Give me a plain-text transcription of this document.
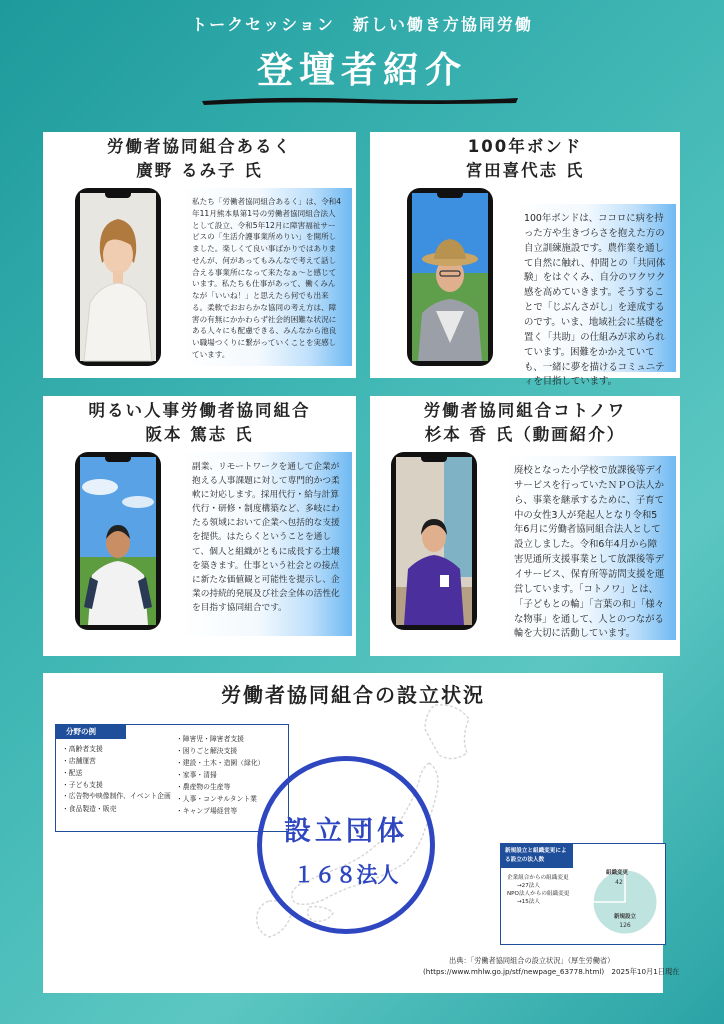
トークセッション　新しい働き方協同労働
登壇者紹介
労働者協同組合あるく
廣野 るみ子 氏
私たち「労働者協同組合あるく」は、令和4年11月熊本県第1号の労働者協同組合法人として設立、令和5年12月に障害福祉サービスの「生活介護事業所めりい」を開所しました。楽しくて良い事ばかりではありませんが、何があってもみんなで考えて話し合える事業所になって来たなぁ～と感じています。私たちも仕事があって、働くみんなが「いいね！」と思えたら何でも出来る。柔軟でおおらかな協同の考え方は、障害の有無にかかわらず社会的困難な状況にある人々にも配慮できる、みんなから池良い職場つくりに繋がっていくことを実感しています。
100年ボンド
宮田喜代志 氏
100年ボンドは、ココロに病を持った方や生きづらさを抱えた方の自立訓練施設です。農作業を通して自然に触れ、仲間との「共同体験」をはぐくみ、自分のワクワク感を高めていきます。そうすることで「じぶんさがし」を達成するのです。いま、地域社会に基礎を置く「共助」の仕組みが求められています。困難をかかえていても、一緒に夢を描けるコミュニティを目指しています。
明るい人事労働者協同組合
阪本 篤志 氏
副業、リモートワークを通して企業が抱える人事課題に対して専門的かつ柔軟に対応します。採用代行・給与計算代行・研修・制度構築など、多岐にわたる領域において企業へ包括的な支援を提供。はたらくということを通して、個人と組織がともに成長する土壌を築きます。仕事という社会との接点に新たな価値観と可能性を提示し、企業の持続的発展及び社会全体の活性化を目指す協同組合です。
労働者協同組合コトノワ
杉本 香 氏（動画紹介）
廃校となった小学校で放課後等デイサービスを行っていたＮＰＯ法人から、事業を継承するために、子育て中の女性3人が発起人となり令和5年6月に労働者協同組合法人として設立しました。令和6年4月から障害児通所支援事業として放課後等デイサービス、保育所等訪問支援を運営しています。「コトノワ」とは、「子どもとの輪」「言葉の和」「様々な物事」を通して、人とのつながる輪を大切に活動しています。
労働者協同組合の設立状況
分野の例
・高齢者支援
・店舗運営
・配送
・子ども支援
・広告物や映像制作、イベント企画
・食品製造・販売
・障害児・障害者支援
・困りごと解決支援
・建設・土木・造園（緑化）
・家事・清掃
・農産物の生産等
・人事・コンサルタント業
・キャンプ場経営等
設立団体
１６８法人
新規設立と組織変更による設立の法人数
企業組合からの組織変更
→27法人
NPO法人からの組織変更
→15法人
組織変更
42
新規設立
126
出典：「労働者協同組合の設立状況」（厚生労働省）
(https://www.mhlw.go.jp/stf/newpage_63778.html)　2025年10月1日現在
